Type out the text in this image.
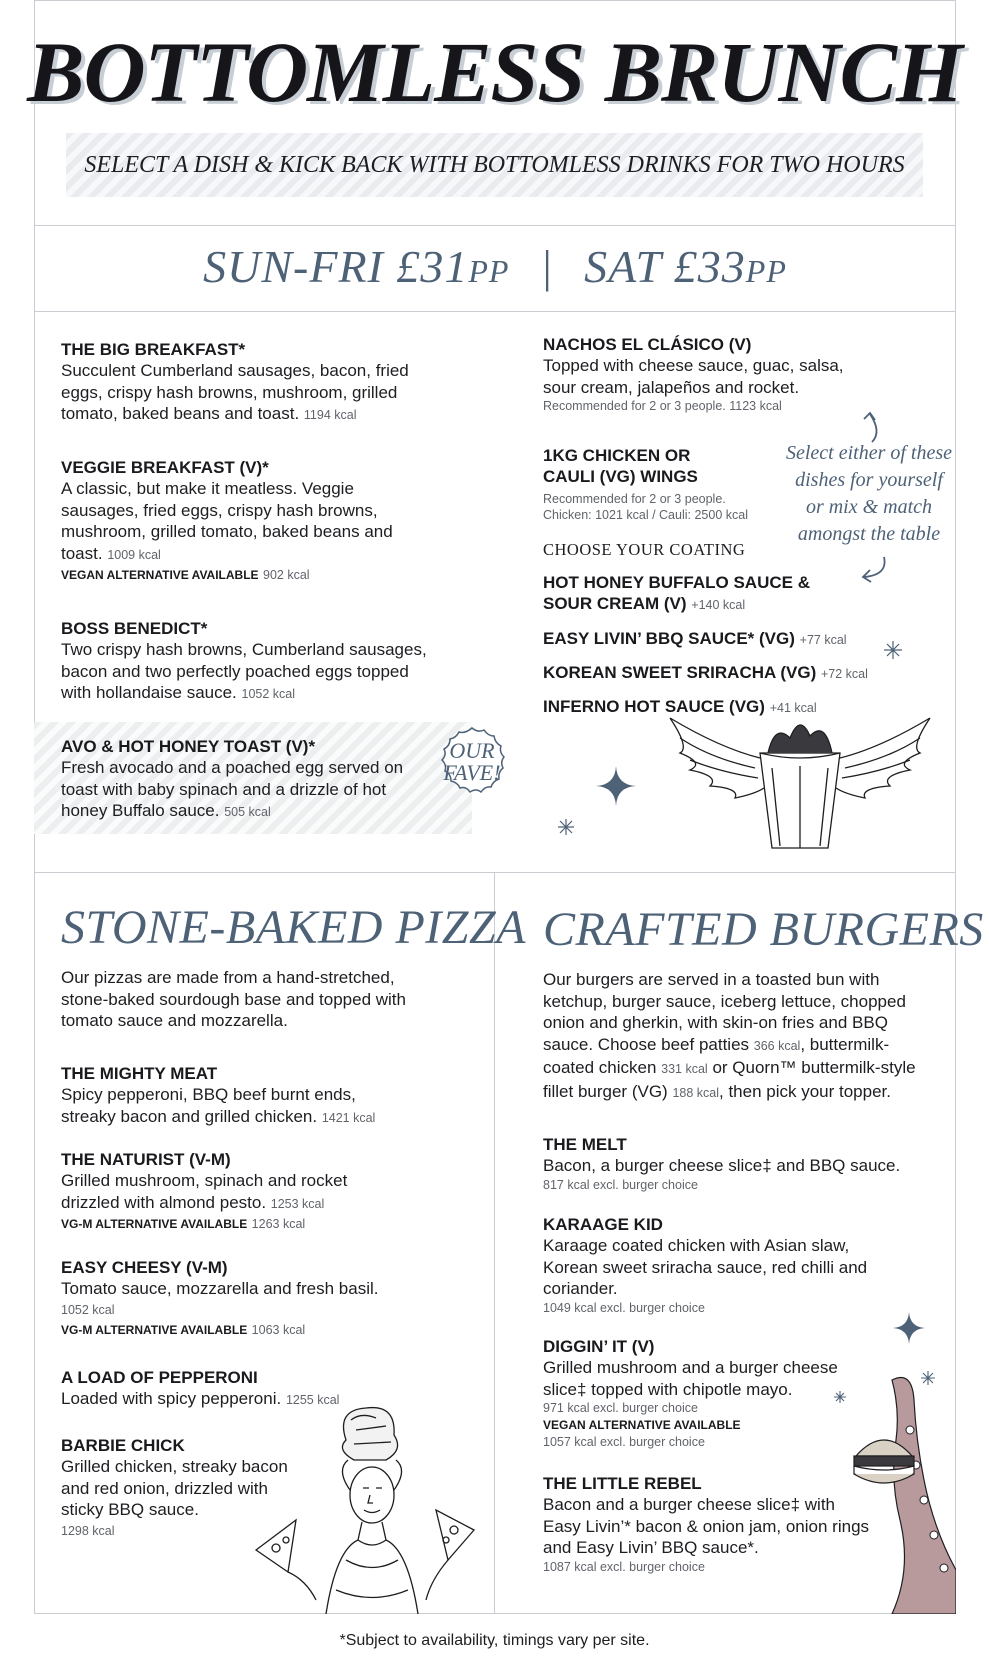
BOTTOMLESS BRUNCH
SELECT A DISH & KICK BACK WITH BOTTOMLESS DRINKS FOR TWO HOURS
SUN-FRI £31PP | SAT £33PP
THE BIG BREAKFAST*
Succulent Cumberland sausages, bacon, fried eggs, crispy hash browns, mushroom, grilled tomato, baked beans and toast. 1194 kcal
VEGGIE BREAKFAST (V)*
A classic, but make it meatless. Veggie sausages, fried eggs, crispy hash browns, mushroom, grilled tomato, baked beans and toast. 1009 kcal
VEGAN ALTERNATIVE AVAILABLE 902 kcal
BOSS BENEDICT*
Two crispy hash browns, Cumberland sausages, bacon and two perfectly poached eggs topped with hollandaise sauce. 1052 kcal
AVO & HOT HONEY TOAST (V)*
Fresh avocado and a poached egg served on toast with baby spinach and a drizzle of hot honey Buffalo sauce. 505 kcal
OUR
FAVE!
NACHOS EL CLÁSICO (V)
Topped with cheese sauce, guac, salsa, sour cream, jalapeños and rocket.
Recommended for 2 or 3 people. 1123 kcal
1KG CHICKEN OR
CAULI (VG) WINGS
Recommended for 2 or 3 people.
Chicken: 1021 kcal / Cauli: 2500 kcal
CHOOSE YOUR COATING
HOT HONEY BUFFALO SAUCE &
SOUR CREAM (V) +140 kcal
EASY LIVIN’ BBQ SAUCE* (VG) +77 kcal
KOREAN SWEET SRIRACHA (VG) +72 kcal
INFERNO HOT SAUCE (VG) +41 kcal
Select either of these
dishes for yourself
or mix & match
amongst the table
STONE-BAKED PIZZA
Our pizzas are made from a hand-stretched, stone-baked sourdough base and topped with tomato sauce and mozzarella.
THE MIGHTY MEAT
Spicy pepperoni, BBQ beef burnt ends, streaky bacon and grilled chicken. 1421 kcal
THE NATURIST (V-M)
Grilled mushroom, spinach and rocket drizzled with almond pesto. 1253 kcal
VG-M ALTERNATIVE AVAILABLE 1263 kcal
EASY CHEESY (V-M)
Tomato sauce, mozzarella and fresh basil.
1052 kcal
VG-M ALTERNATIVE AVAILABLE 1063 kcal
A LOAD OF PEPPERONI
Loaded with spicy pepperoni. 1255 kcal
BARBIE CHICK
Grilled chicken, streaky bacon and red onion, drizzled with sticky BBQ sauce.
1298 kcal
CRAFTED BURGERS
Our burgers are served in a toasted bun with ketchup, burger sauce, iceberg lettuce, chopped onion and gherkin, with skin-on fries and BBQ sauce. Choose beef patties 366 kcal, buttermilk-coated chicken 331 kcal or Quorn™ buttermilk-style fillet burger (VG) 188 kcal, then pick your topper.
THE MELT
Bacon, a burger cheese slice‡ and BBQ sauce.
817 kcal excl. burger choice
KARAAGE KID
Karaage coated chicken with Asian slaw, Korean sweet sriracha sauce, red chilli and coriander.
1049 kcal excl. burger choice
DIGGIN’ IT (V)
Grilled mushroom and a burger cheese slice‡ topped with chipotle mayo.
971 kcal excl. burger choice
VEGAN ALTERNATIVE AVAILABLE
1057 kcal excl. burger choice
THE LITTLE REBEL
Bacon and a burger cheese slice‡ with Easy Livin’* bacon & onion jam, onion rings and Easy Livin’ BBQ sauce*.
1087 kcal excl. burger choice
*Subject to availability, timings vary per site.
